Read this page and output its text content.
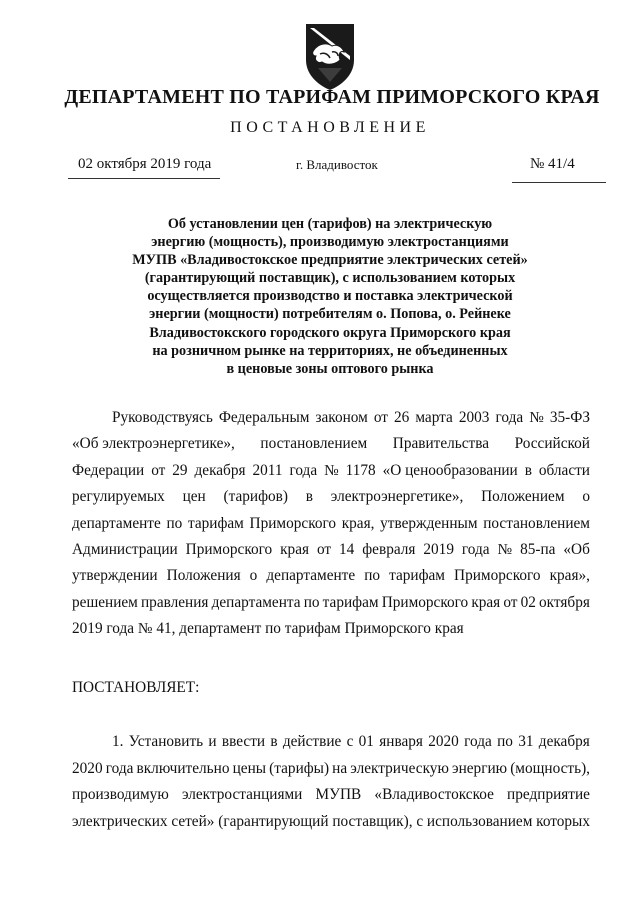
ДЕПАРТАМЕНТ ПО ТАРИФАМ ПРИМОРСКОГО КРАЯ
ПОСТАНОВЛЕНИЕ
02 октября 2019 года	г. Владивосток	№ 41/4
Об установлении цен (тарифов) на электрическую
энергию (мощность), производимую электростанциями
МУПВ «Владивостокское предприятие электрических сетей»
(гарантирующий поставщик), с использованием которых
осуществляется производство и поставка электрической
энергии (мощности) потребителям о. Попова, о. Рейнеке
Владивостокского городского округа Приморского края
на розничном рынке на территориях, не объединенных
в ценовые зоны оптового рынка
Руководствуясь Федеральным законом от 26 марта 2003 года № 35-ФЗ
«Об электроэнергетике», постановлением Правительства Российской
Федерации от 29 декабря 2011 года № 1178 «О ценообразовании в области
регулируемых цен (тарифов) в электроэнергетике», Положением о
департаменте по тарифам Приморского края, утвержденным постановлением
Администрации Приморского края от 14 февраля 2019 года № 85-па «Об
утверждении Положения о департаменте по тарифам Приморского края»,
решением правления департамента по тарифам Приморского края от 02 октября
2019 года № 41, департамент по тарифам Приморского края
ПОСТАНОВЛЯЕТ:
1. Установить и ввести в действие с 01 января 2020 года по 31 декабря
2020 года включительно цены (тарифы) на электрическую энергию (мощность),
производимую электростанциями МУПВ «Владивостокское предприятие
электрических сетей» (гарантирующий поставщик), с использованием которых
